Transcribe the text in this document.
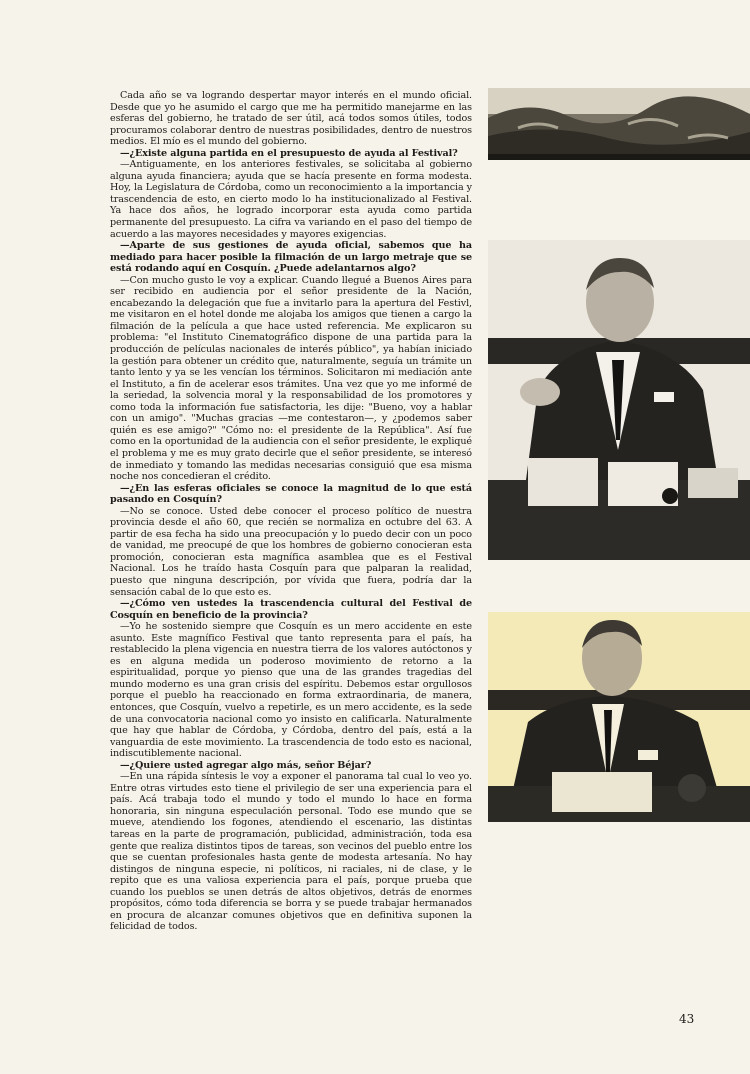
Cada año se va logrando despertar mayor interés en el mundo oficial. Desde que yo he asumido el cargo que me ha permitido manejarme en las esferas del gobierno, he tratado de ser útil, acá todos somos útiles, todos procuramos colaborar dentro de nuestras posibilidades, dentro de nuestros medios. El mío es el mundo del gobierno.

—¿Existe alguna partida en el presupuesto de ayuda al Festival?

—Antiguamente, en los anteriores festivales, se solicitaba al gobierno alguna ayuda financiera; ayuda que se hacía presente en forma modesta. Hoy, la Legislatura de Córdoba, como un reconocimiento a la importancia y trascendencia de esto, en cierto modo lo ha institucionalizado al Festival. Ya hace dos años, he logrado incorporar esta ayuda como partida permanente del presupuesto. La cifra va variando en el paso del tiempo de acuerdo a las mayores necesidades y mayores exigencias.

—Aparte de sus gestiones de ayuda oficial, sabemos que ha mediado para hacer posible la filmación de un largo metraje que se está rodando aquí en Cosquín. ¿Puede adelantarnos algo?

—Con mucho gusto le voy a explicar. Cuando llegué a Buenos Aires para ser recibido en audiencia por el señor presidente de la Nación, encabezando la delegación que fue a invitarlo para la apertura del Festivl, me visitaron en el hotel donde me alojaba los amigos que tienen a cargo la filmación de la película a que hace usted referencia. Me explicaron su problema: "el Instituto Cinematográfico dispone de una partida para la producción de películas nacionales de interés público", ya habían iniciado la gestión para obtener un crédito que, naturalmente, seguía un trámite un tanto lento y ya se les vencían los términos. Solicitaron mi mediación ante el Instituto, a fin de acelerar esos trámites. Una vez que yo me informé de la seriedad, la solvencia moral y la responsabilidad de los promotores y como toda la información fue satisfactoria, les dije: "Bueno, voy a hablar con un amigo". "Muchas gracias —me contestaron—, y ¿podemos saber quién es ese amigo?" "Cómo no: el presidente de la República". Así fue como en la oportunidad de la audiencia con el señor presidente, le expliqué el problema y me es muy grato decirle que el señor presidente, se interesó de inmediato y tomando las medidas necesarias consiguió que esa misma noche nos concedieran el crédito.

—¿En las esferas oficiales se conoce la magnitud de lo que está pasando en Cosquín?

—No se conoce. Usted debe conocer el proceso político de nuestra provincia desde el año 60, que recién se normaliza en octubre del 63. A partir de esa fecha ha sido una preocupación y lo puedo decir con un poco de vanidad, me preocupé de que los hombres de gobierno conocieran esta promoción, conocieran esta magnífica asamblea que es el Festival Nacional. Los he traído hasta Cosquín para que palparan la realidad, puesto que ninguna descripción, por vívida que fuera, podría dar la sensación cabal de lo que esto es.

—¿Cómo ven ustedes la trascendencia cultural del Festival de Cosquín en beneficio de la provincia?

—Yo he sostenido siempre que Cosquín es un mero accidente en este asunto. Este magnífico Festival que tanto representa para el país, ha restablecido la plena vigencia en nuestra tierra de los valores autóctonos y es en alguna medida un poderoso movimiento de retorno a la espiritualidad, porque yo pienso que una de las grandes tragedias del mundo moderno es una gran crisis del espíritu. Debemos estar orgullosos porque el pueblo ha reaccionado en forma extraordinaria, de manera, entonces, que Cosquín, vuelvo a repetirle, es un mero accidente, es la sede de una convocatoria nacional como yo insisto en calificarla. Naturalmente que hay que hablar de Córdoba, y Córdoba, dentro del país, está a la vanguardia de este movimiento. La trascendencia de todo esto es nacional, indiscutiblemente nacional.

—¿Quiere usted agregar algo más, señor Béjar?

—En una rápida síntesis le voy a exponer el panorama tal cual lo veo yo. Entre otras virtudes esto tiene el privilegio de ser una experiencia para el país. Acá trabaja todo el mundo y todo el mundo lo hace en forma honoraria, sin ninguna especulación personal. Todo ese mundo que se mueve, atendiendo los fogones, atendiendo el escenario, las distintas tareas en la parte de programación, publicidad, administración, toda esa gente que realiza distintos tipos de tareas, son vecinos del pueblo entre los que se cuentan profesionales hasta gente de modesta artesanía. No hay distingos de ninguna especie, ni políticos, ni raciales, ni de clase, y le repito que es una valiosa experiencia para el país, porque prueba que cuando los pueblos se unen detrás de altos objetivos, detrás de enormes propósitos, cómo toda diferencia se borra y se puede trabajar hermanados en procura de alcanzar comunes objetivos que en definitiva suponen la felicidad de todos.

43
